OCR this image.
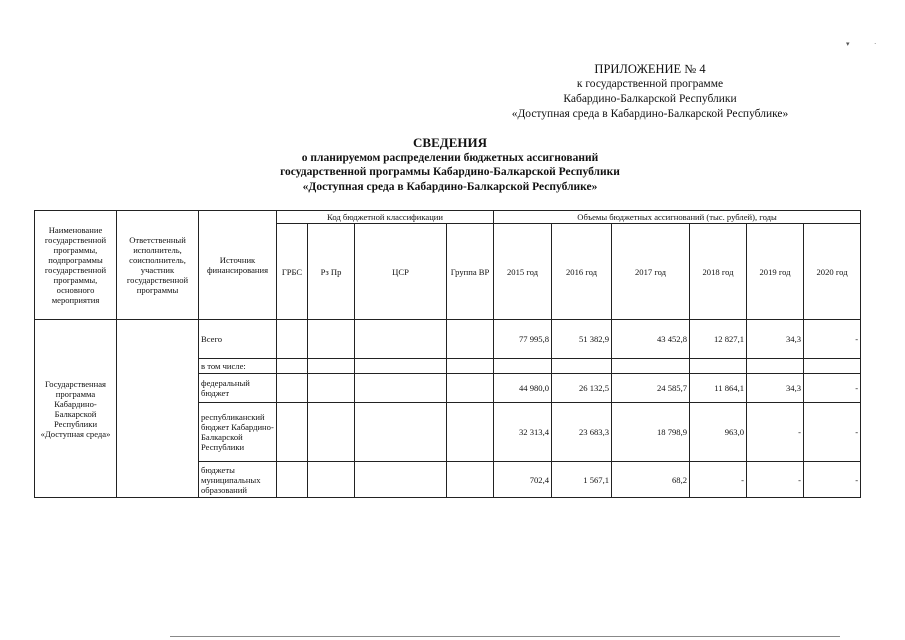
▾	·
ПРИЛОЖЕНИЕ № 4
к государственной программе
Кабардино-Балкарской Республики
«Доступная среда в Кабардино-Балкарской Республике»
СВЕДЕНИЯ
о планируемом распределении бюджетных ассигнований
государственной программы Кабардино-Балкарской Республики
«Доступная среда в Кабардино-Балкарской Республике»
Наименование государственной программы, подпрограммы государственной программы, основного мероприятия	Ответственный исполнитель, соисполнитель, участник государственной программы	Источник финансирования	Код бюджетной классификации				Объемы бюджетных ассигнований (тыс. рублей), годы					
			ГРБС	Рз Пр	ЦСР	Группа ВР	2015 год	2016 год	2017 год	2018 год	2019 год	2020 год
Государственная программа Кабардино-Балкарской Республики «Доступная среда»		Всего					77 995,8	51 382,9	43 452,8	12 827,1	34,3	-
		в том числе:										
		федеральный бюджет					44 980,0	26 132,5	24 585,7	11 864,1	34,3	-
		республиканский бюджет Кабардино-Балкарской Республики					32 313,4	23 683,3	18 798,9	963,0	-	-
		бюджеты муниципальных образований					702,4	1 567,1	68,2	-	-	-
